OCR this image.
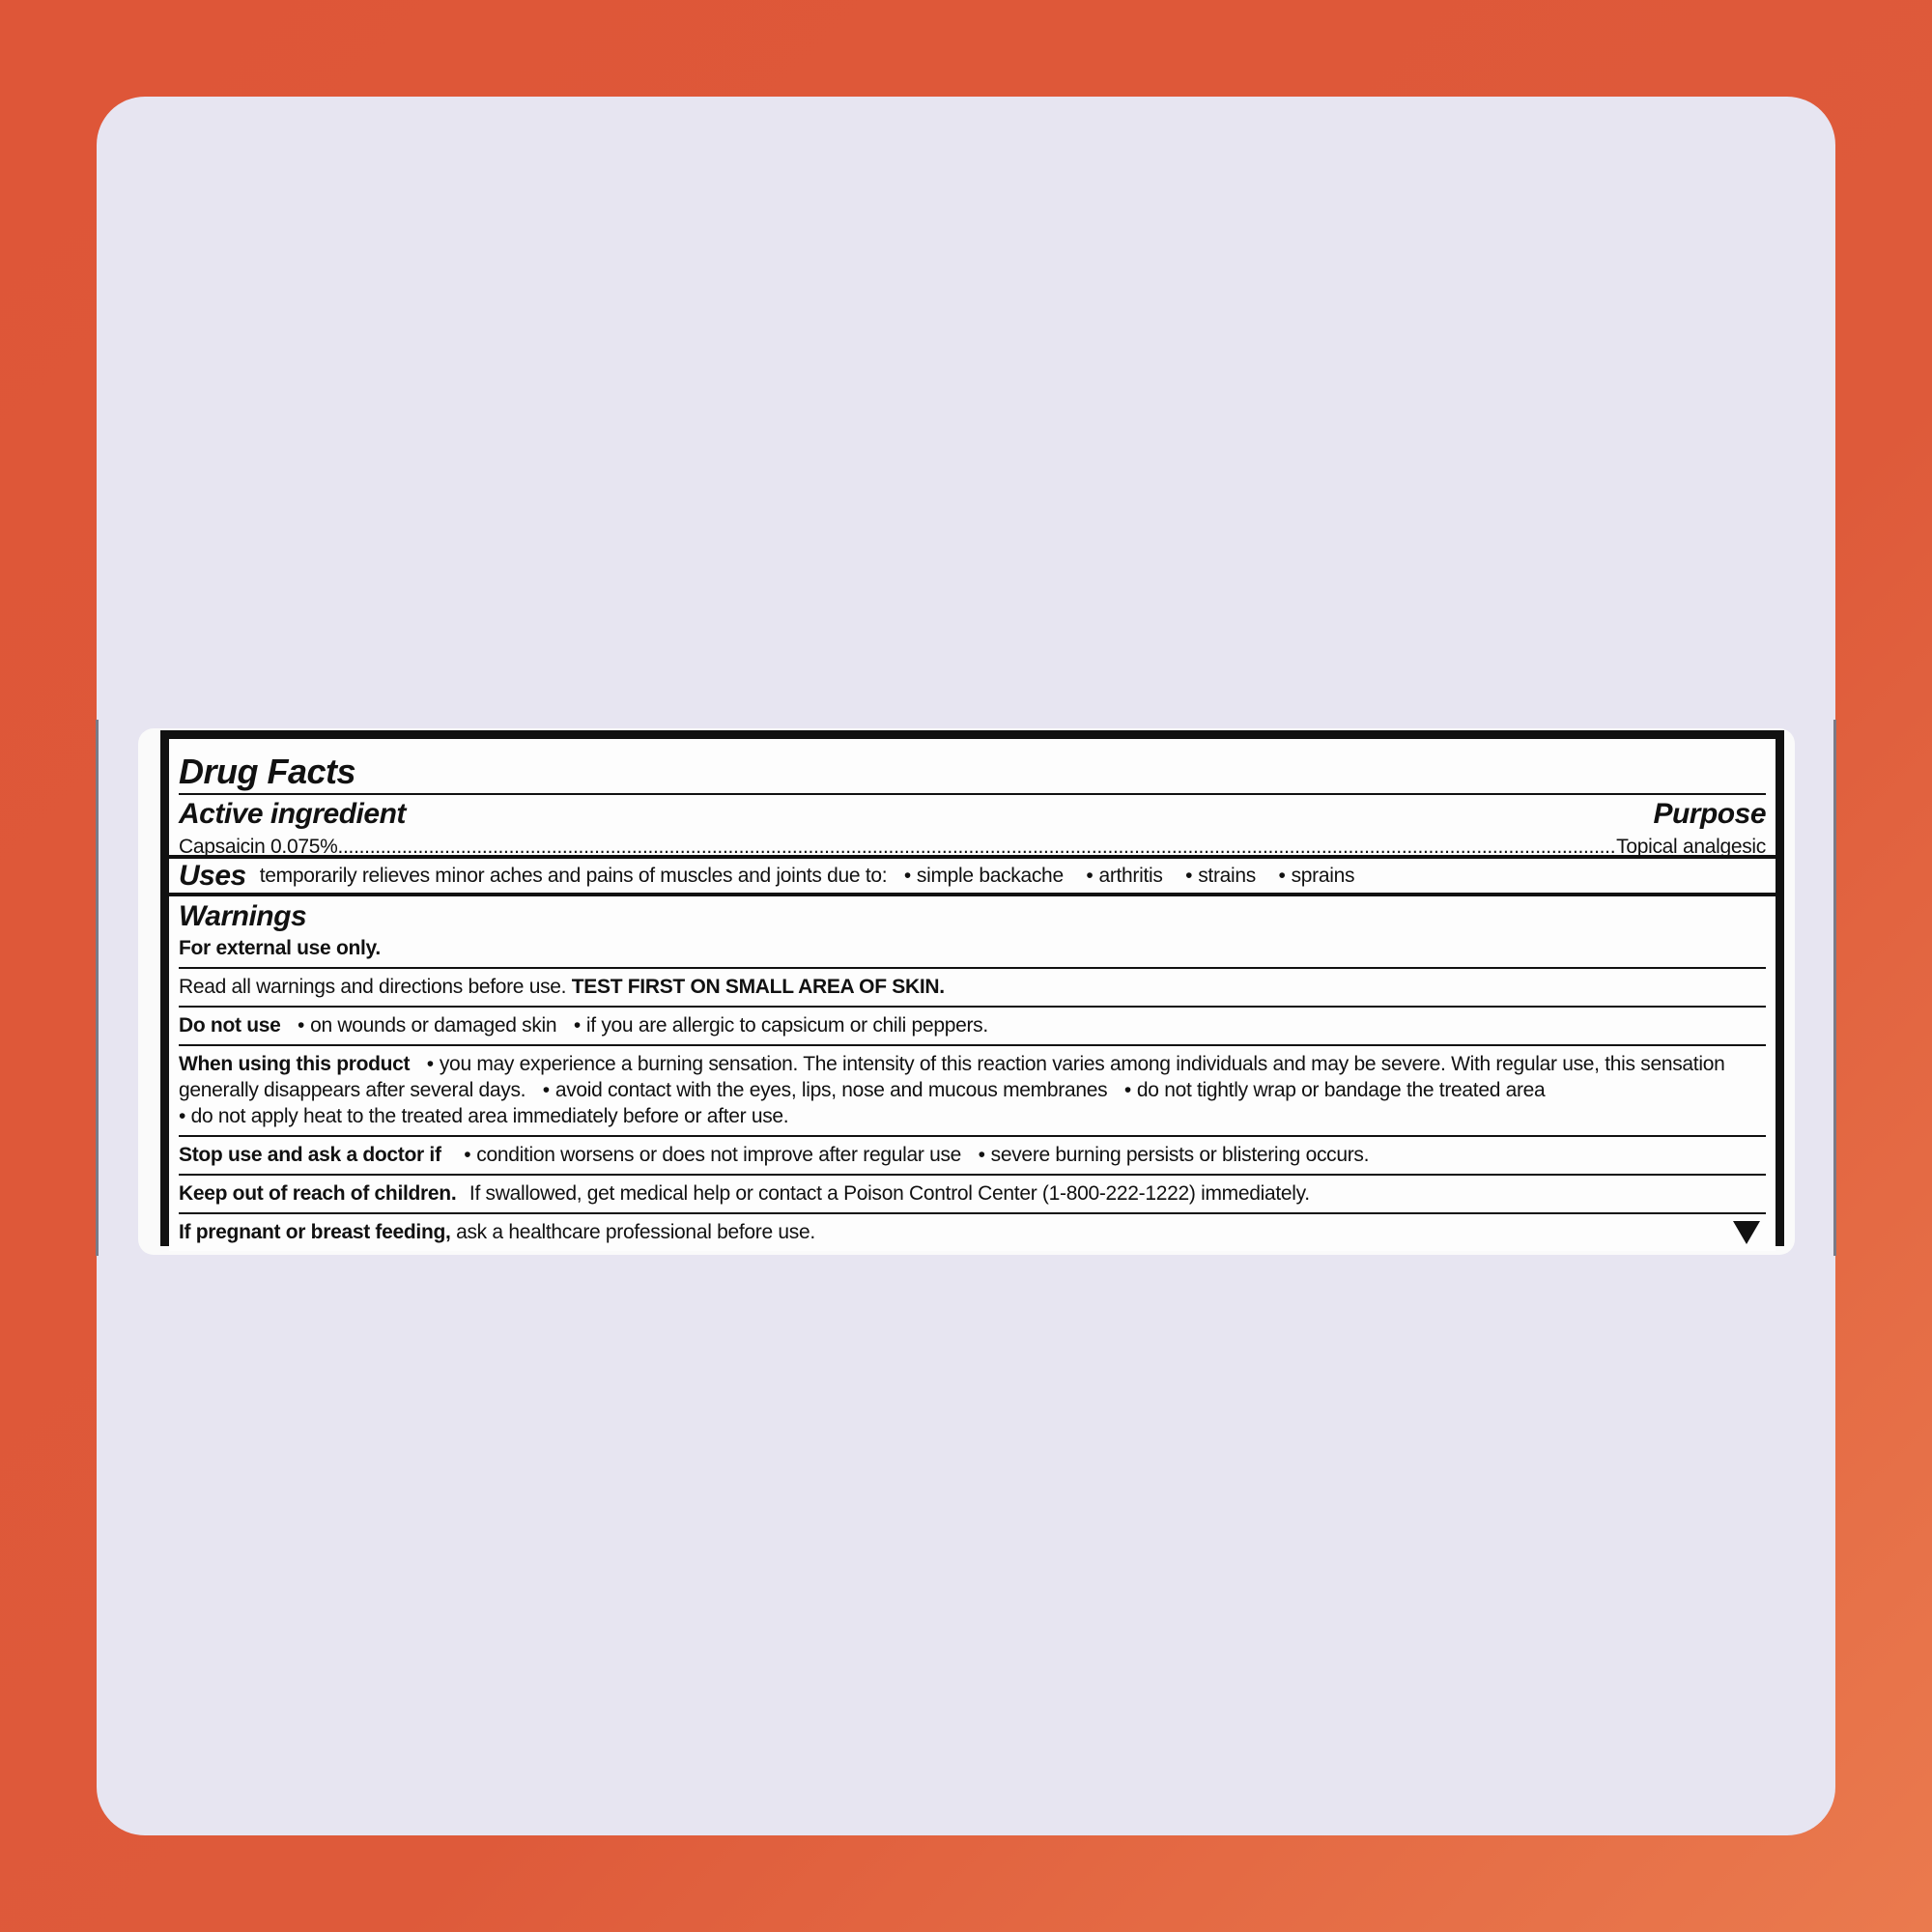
Drug Facts
Active ingredient	Purpose
Capsaicin 0.075%
.....	Topical analgesic
Uses temporarily relieves minor aches and pains of muscles and joints due to: • simple backache • arthritis • strains • sprains
Warnings
For external use only.
Read all warnings and directions before use. TEST FIRST ON SMALL AREA OF SKIN.
Do not use • on wounds or damaged skin • if you are allergic to capsicum or chili peppers.
When using this product • you may experience a burning sensation. The intensity of this reaction varies among individuals and may be severe. With regular use, this sensation generally disappears after several days. • avoid contact with the eyes, lips, nose and mucous membranes • do not tightly wrap or bandage the treated area
• do not apply heat to the treated area immediately before or after use.
Stop use and ask a doctor if • condition worsens or does not improve after regular use • severe burning persists or blistering occurs.
Keep out of reach of children. If swallowed, get medical help or contact a Poison Control Center (1-800-222-1222) immediately.
If pregnant or breast feeding, ask a healthcare professional before use.
